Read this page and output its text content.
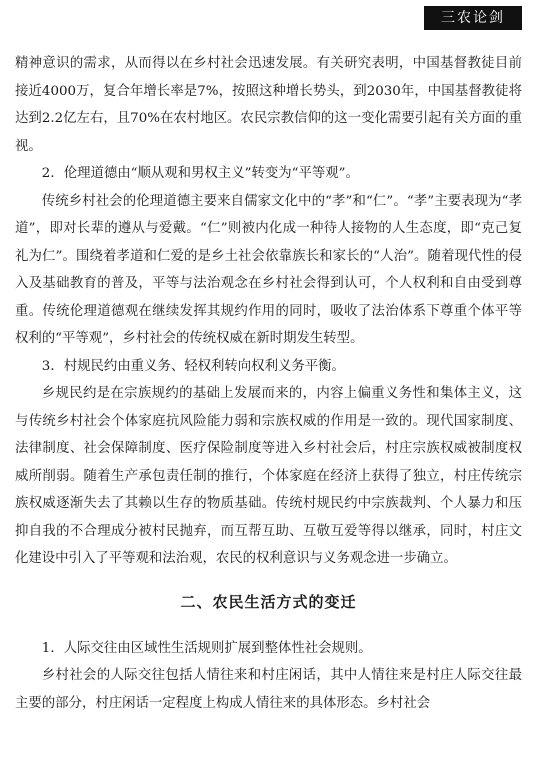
三农论剑

精神意识的需求，从而得以在乡村社会迅速发展。有关研究表明，中国基督教徒目前接近4000万，复合年增长率是7%，按照这种增长势头，到2030年，中国基督教徒将达到2.2亿左右，且70%在农村地区。农民宗教信仰的这一变化需要引起有关方面的重视。

2．伦理道德由“顺从观和男权主义”转变为“平等观”。

传统乡村社会的伦理道德主要来自儒家文化中的“孝”和“仁”。“孝”主要表现为“孝道”，即对长辈的遵从与爱戴。“仁”则被内化成一种待人接物的人生态度，即“克己复礼为仁”。围绕着孝道和仁爱的是乡土社会依靠族长和家长的“人治”。随着现代性的侵入及基础教育的普及，平等与法治观念在乡村社会得到认可，个人权利和自由受到尊重。传统伦理道德观在继续发挥其规约作用的同时，吸收了法治体系下尊重个体平等权利的“平等观”，乡村社会的传统权威在新时期发生转型。

3．村规民约由重义务、轻权利转向权利义务平衡。

乡规民约是在宗族规约的基础上发展而来的，内容上偏重义务性和集体主义，这与传统乡村社会个体家庭抗风险能力弱和宗族权威的作用是一致的。现代国家制度、法律制度、社会保障制度、医疗保险制度等进入乡村社会后，村庄宗族权威被制度权威所削弱。随着生产承包责任制的推行，个体家庭在经济上获得了独立，村庄传统宗族权威逐渐失去了其赖以生存的物质基础。传统村规民约中宗族裁判、个人暴力和压抑自我的不合理成分被村民抛弃，而互帮互助、互敬互爱等得以继承，同时，村庄文化建设中引入了平等观和法治观，农民的权利意识与义务观念进一步确立。

二、农民生活方式的变迁

1．人际交往由区域性生活规则扩展到整体性社会规则。

乡村社会的人际交往包括人情往来和村庄闲话，其中人情往来是村庄人际交往最主要的部分，村庄闲话一定程度上构成人情往来的具体形态。乡村社会
